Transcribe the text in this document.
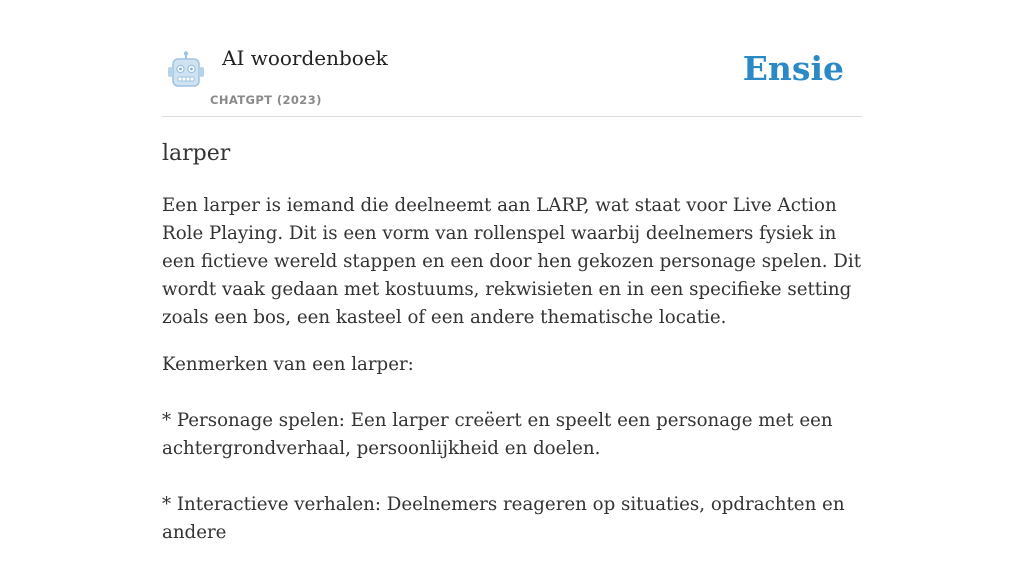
AI woordenboek
CHATGPT (2023)
Ensie
larper

Een larper is iemand die deelneemt aan LARP, wat staat voor Live Action Role Playing. Dit is een vorm van rollenspel waarbij deelnemers fysiek in een fictieve wereld stappen en een door hen gekozen personage spelen. Dit wordt vaak gedaan met kostuums, rekwisieten en in een specifieke setting zoals een bos, een kasteel of een andere thematische locatie.

Kenmerken van een larper:

* Personage spelen: Een larper creëert en speelt een personage met een achtergrondverhaal, persoonlijkheid en doelen.

* Interactieve verhalen: Deelnemers reageren op situaties, opdrachten en andere
